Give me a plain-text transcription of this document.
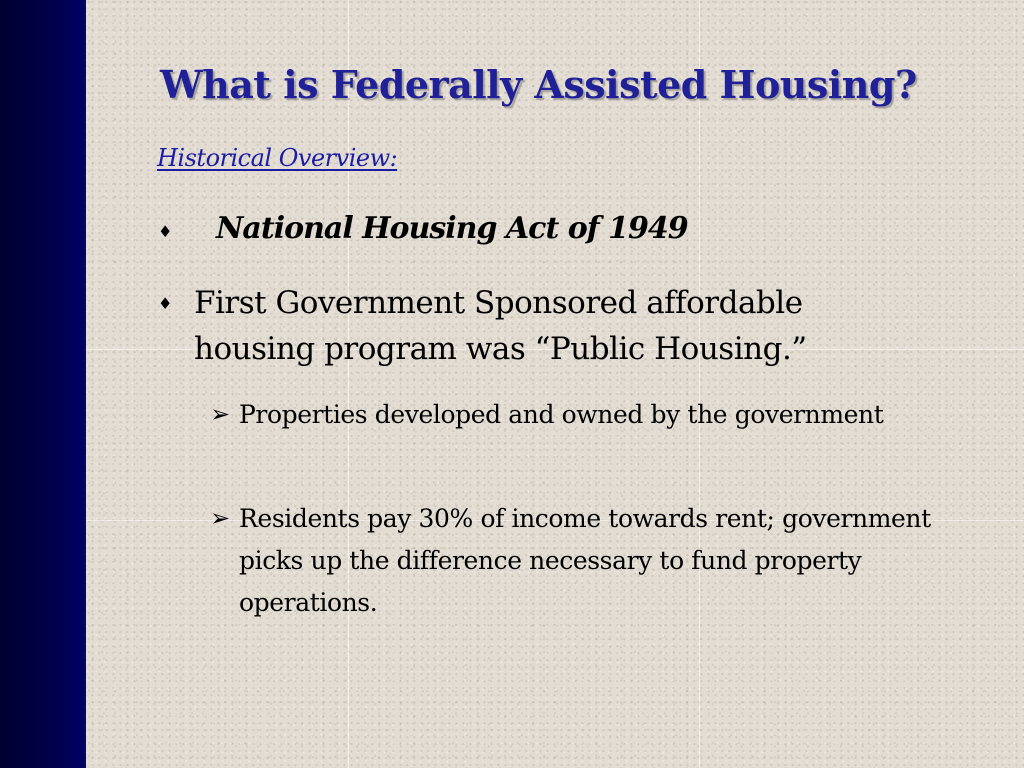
What is Federally Assisted Housing?
Historical Overview:
♦ National Housing Act of 1949
♦ First Government Sponsored affordable housing program was “Public Housing.”
➢ Properties developed and owned by the government
➢ Residents pay 30% of income towards rent; government picks up the difference necessary to fund property operations.
